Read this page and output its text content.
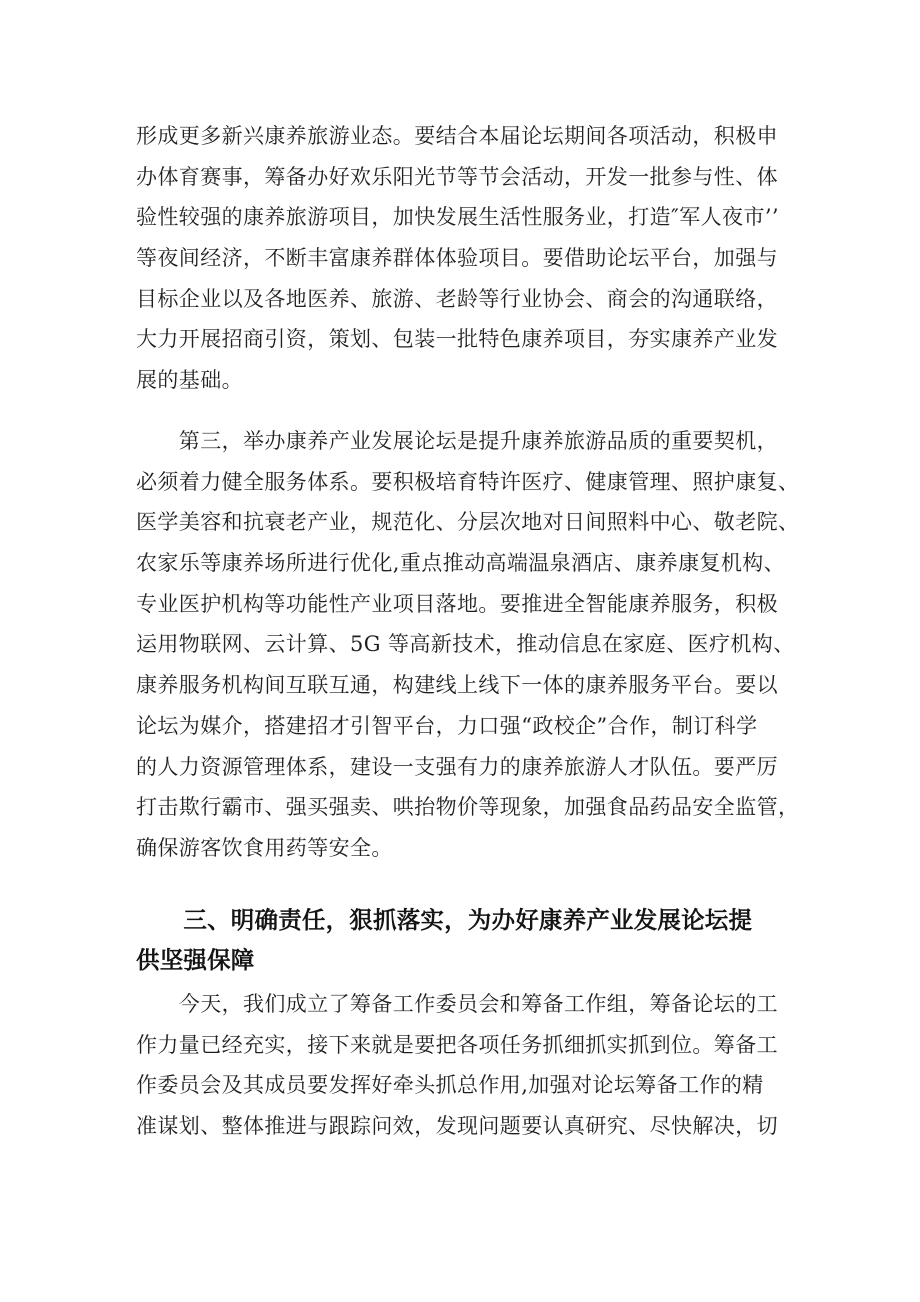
形成更多新兴康养旅游业态。要结合本届论坛期间各项活动，积极申
办体育赛事，筹备办好欢乐阳光节等节会活动，开发一批参与性、体
验性较强的康养旅游项目，加快发展生活性服务业，打造″军人夜市’’
等夜间经济，不断丰富康养群体体验项目。要借助论坛平台，加强与
目标企业以及各地医养、旅游、老龄等行业协会、商会的沟通联络，
大力开展招商引资，策划、包装一批特色康养项目，夯实康养产业发
展的基础。
　　第三，举办康养产业发展论坛是提升康养旅游品质的重要契机，
必须着力健全服务体系。要积极培育特许医疗、健康管理、照护康复、
医学美容和抗衰老产业，规范化、分层次地对日间照料中心、敬老院、
农家乐等康养场所进行优化,重点推动高端温泉酒店、康养康复机构、
专业医护机构等功能性产业项目落地。要推进全智能康养服务，积极
运用物联网、云计算、5G 等高新技术，推动信息在家庭、医疗机构、
康养服务机构间互联互通，构建线上线下一体的康养服务平台。要以
论坛为媒介，搭建招才引智平台，力口强“政校企”合作，制订科学
的人力资源管理体系，建设一支强有力的康养旅游人才队伍。要严厉
打击欺行霸市、强买强卖、哄抬物价等现象，加强食品药品安全监管，
确保游客饮食用药等安全。
　　三、明确责任，狠抓落实，为办好康养产业发展论坛提
供坚强保障
　　今天，我们成立了筹备工作委员会和筹备工作组，筹备论坛的工
作力量已经充实，接下来就是要把各项任务抓细抓实抓到位。筹备工
作委员会及其成员要发挥好牵头抓总作用,加强对论坛筹备工作的精
准谋划、整体推进与跟踪问效，发现问题要认真研究、尽快解决，切
